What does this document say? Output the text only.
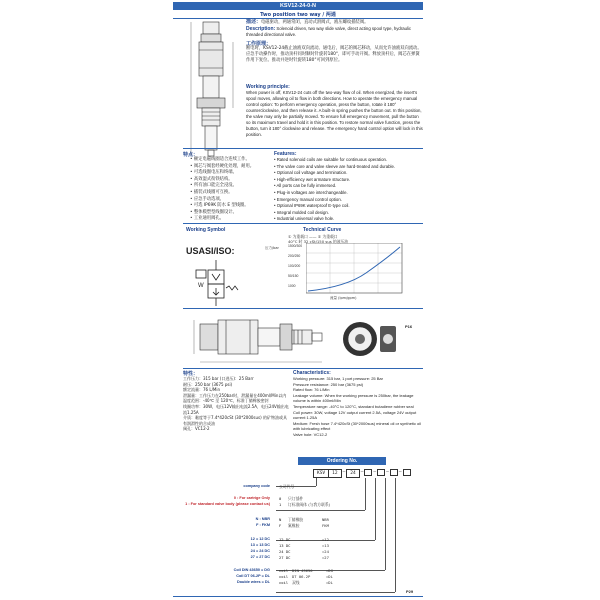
KSV12-24-0-N
Two position two way / 两通
描述：电磁驱动，两通常闭，直动式滑阀式，液压螺纹插装阀。
Description: Solenoid driven, two way slide valve, direct acting spool type, hydraulic threaded directional valve.
工作原理：
断电时，KSV12-24截止油液双向流动。通电后，阀芯的阀芯移动，从而允许油液双向流动。应急手动操作时，推动顶杆同时顺时针旋转180°，即可手动开阀。释放顶杆后，阀芯在弹簧作用下复位。推动并逆时针旋转180°可回到原位。
Working principle:
When power is off, KSV12-24 cuts off the two-way flow of oil. When energized, the insert's spool moves, allowing oil to flow in both directions. How to operate the emergency manual control option: To perform emergency operation, press the button, rotate it 180° counterclockwise, and then release it. A built-in spring pushes the button out. In this position, the valve may only be partially moved. To ensure full emergency movement, pull the button so its maximum travel and hold it in this position. To restore normal valve function, press the button, turn it 180° clockwise and release. The emergency hand control option will lock in this position.
特点：
• 额定电磁线圈适合连续工作。
• 阀芯与阀套经硬化处理，耐用。
• 可选线圈电压和终端。
• 高效湿式衔铁结构。
• 所有油口能完全浸没。
• 插装式线圈可互换。
• 应急手动选项。
• 可选 IP69K 防水 E 型线圈。
• 整体模塑型线圈设计。
• 工业通用阀孔。
Features:
• Rated solenoid coils are suitable for continuous operation.
• The valve core and valve sleeve are hard-treated and durable.
• Optional coil voltage and termination.
• High-efficiency wet armature structure.
• All ports can be fully immersed.
• Plug-in voltages are interchangeable.
• Emergency manual control option.
• Optional IP69K waterproof E-type coil.
• Integral molded coil design.
• Industrial universal valve hole.
Working Symbol
USASI/ISO:
W
Technical Curve
① 为重载口 —— ② 为重载口
40°C 时 32 cSt/150 sus 的液压油
压力/bar	1500/300
200/250
100/200
50/150
1000
流量 (lpm/gpm)
P16
特性：
工作压力：315 bar (口进压)：25 Barr
耐压：250 bar (3675 psi)
额定流量：76 L/Min
泄漏量：工作压力在250bar时，泄漏量在400ml/Min以内
温度范围：-40℃ 至 120℃，标准丁腈橡胶密封
线圈功率：30W，电压12V输出电流2.5A，电压24V输出电流1.25A
介质：黏度等于7.4*420cSt (30*2000sus) 的矿物油或具有润滑性的合成油
阀孔：VC12-2
Characteristics:
Working pressure: 315 bar, 1 port pressure: 25 Bar
Pressure resistance: 250 bar (3675 psi)
Rated flow: 76 L/Min
Leakage volume: When the working pressure is 250bar, the leakage volume is within 400ml/Min
Temperature range: -40°C to 120°C, standard butadiene rubber seal
Coil power: 30W, voltage 12V output current 2.5A, voltage 24V output current 1.25A
Medium: Fresh hose 7.4*420cSt (30*2000sus) mineral oil or synthetic oil with lubricating effect
Valve hole: VC12-2
Ordering No.
KSV	12	–	24	– – – –
company code 公司代号
0 : For cartrige Only 0 只订插件
1 : For standard valve body (please contact us) 1 订标准阀体 (与我方联系)
N : NBR N 丁腈橡胶	NBR
F : FKM F 氟橡胶	FKM
12 = 12 DC 12 DC	=12
13 = 13 DC 13 DC	=13
24 = 24 DC 24 DC	=24
27 = 27 DC 27 DC	=27
Coil DIN 43650 = DG coil DIN 43650	=DG
Coil DT 06-2P = DL coil DT 06-2P	=DL
Double wires = DL coil 双线	=DL
P29
